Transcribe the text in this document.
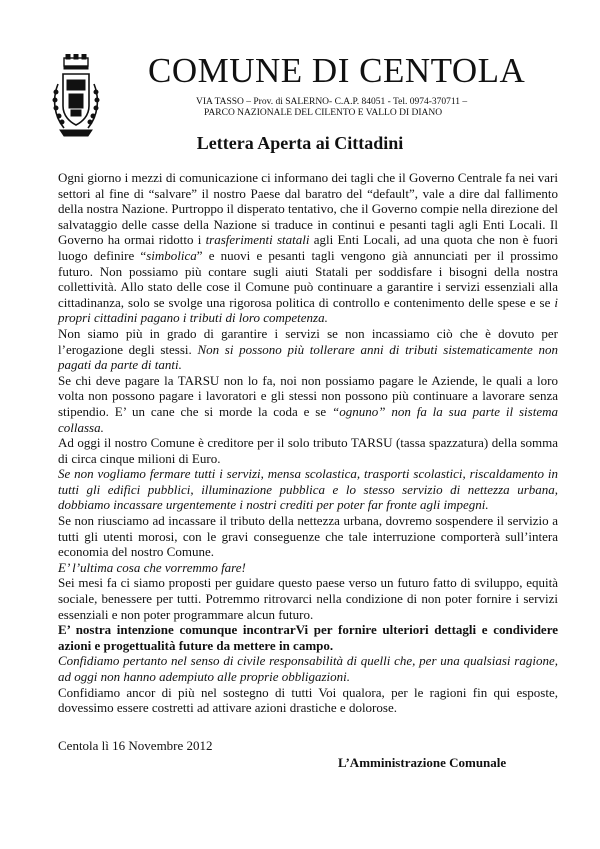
COMUNE DI CENTOLA
VIA TASSO – Prov. di SALERNO- C.A.P. 84051 - Tel. 0974-370711 –
PARCO NAZIONALE DEL CILENTO E VALLO DI DIANO
Lettera Aperta ai Cittadini

Ogni giorno i mezzi di comunicazione ci informano dei tagli che il Governo Centrale fa nei vari settori al fine di “salvare” il nostro Paese dal baratro del “default”, vale a dire dal fallimento della nostra Nazione. Purtroppo il disperato tentativo, che il Governo compie nella direzione del salvataggio delle casse della Nazione si traduce in continui e pesanti tagli agli Enti Locali. Il Governo ha ormai ridotto i trasferimenti statali agli Enti Locali, ad una quota che non è fuori luogo definire “simbolica” e nuovi e pesanti tagli vengono già annunciati per il prossimo futuro. Non possiamo più contare sugli aiuti Statali per soddisfare i bisogni della nostra collettività. Allo stato delle cose il Comune può continuare a garantire i servizi essenziali alla cittadinanza, solo se svolge una rigorosa politica di controllo e contenimento delle spese e se i propri cittadini pagano i tributi di loro competenza.

Non siamo più in grado di garantire i servizi se non incassiamo ciò che è dovuto per l’erogazione degli stessi. Non si possono più tollerare anni di tributi sistematicamente non pagati da parte di tanti.

Se chi deve pagare la TARSU non lo fa, noi non possiamo pagare le Aziende, le quali a loro volta non possono pagare i lavoratori e gli stessi non possono più continuare a lavorare senza stipendio. E’ un cane che si morde la coda e se “ognuno” non fa la sua parte il sistema collassa.

Ad oggi il nostro Comune è creditore per il solo tributo TARSU (tassa spazzatura) della somma di circa cinque milioni di Euro.

Se non vogliamo fermare tutti i servizi, mensa scolastica, trasporti scolastici, riscaldamento in tutti gli edifici pubblici, illuminazione pubblica e lo stesso servizio di nettezza urbana, dobbiamo incassare urgentemente i nostri crediti per poter far fronte agli impegni.

Se non riusciamo ad incassare il tributo della nettezza urbana, dovremo sospendere il servizio a tutti gli utenti morosi, con le gravi conseguenze che tale interruzione comporterà sull’intera economia del nostro Comune.

E’ l’ultima cosa che vorremmo fare!

Sei mesi fa ci siamo proposti per guidare questo paese verso un futuro fatto di sviluppo, equità sociale, benessere per tutti. Potremmo ritrovarci nella condizione di non poter fornire i servizi essenziali e non poter programmare alcun futuro.

E’ nostra intenzione comunque incontrarVi per fornire ulteriori dettagli e condividere azioni e progettualità future da mettere in campo.

Confidiamo pertanto nel senso di civile responsabilità di quelli che, per una qualsiasi ragione, ad oggi non hanno adempiuto alle proprie obbligazioni.

Confidiamo ancor di più nel sostegno di tutti Voi qualora, per le ragioni fin qui esposte, dovessimo essere costretti ad attivare azioni drastiche e dolorose.

Centola lì 16 Novembre 2012
L’Amministrazione Comunale
